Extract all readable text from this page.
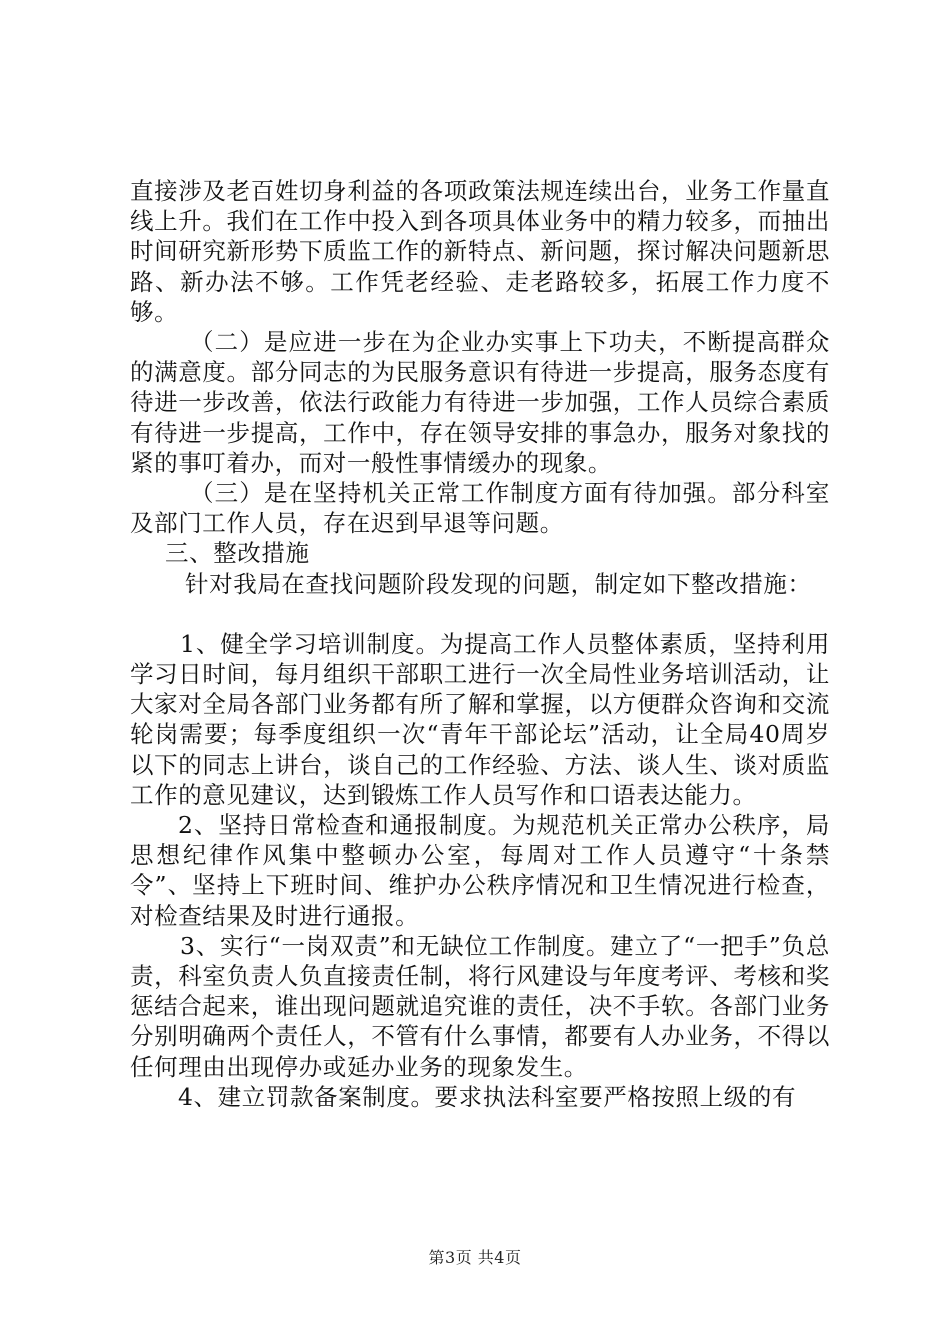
直接涉及老百姓切身利益的各项政策法规连续出台，业务工作量直线上升。我们在工作中投入到各项具体业务中的精力较多，而抽出时间研究新形势下质监工作的新特点、新问题，探讨解决问题新思路、新办法不够。工作凭老经验、走老路较多，拓展工作力度不够。

（二）是应进一步在为企业办实事上下功夫，不断提高群众的满意度。部分同志的为民服务意识有待进一步提高，服务态度有待进一步改善，依法行政能力有待进一步加强，工作人员综合素质有待进一步提高，工作中，存在领导安排的事急办，服务对象找的紧的事叮着办，而对一般性事情缓办的现象。

（三）是在坚持机关正常工作制度方面有待加强。部分科室及部门工作人员，存在迟到早退等问题。

三、整改措施

针对我局在查找问题阶段发现的问题，制定如下整改措施：

1、健全学习培训制度。为提高工作人员整体素质，坚持利用学习日时间，每月组织干部职工进行一次全局性业务培训活动，让大家对全局各部门业务都有所了解和掌握，以方便群众咨询和交流轮岗需要；每季度组织一次“青年干部论坛”活动，让全局40周岁以下的同志上讲台，谈自己的工作经验、方法、谈人生、谈对质监工作的意见建议，达到锻炼工作人员写作和口语表达能力。

2、坚持日常检查和通报制度。为规范机关正常办公秩序，局思想纪律作风集中整顿办公室，每周对工作人员遵守“十条禁令”、坚持上下班时间、维护办公秩序情况和卫生情况进行检查，对检查结果及时进行通报。

3、实行“一岗双责”和无缺位工作制度。建立了“一把手”负总责，科室负责人负直接责任制，将行风建设与年度考评、考核和奖惩结合起来，谁出现问题就追究谁的责任，决不手软。各部门业务分别明确两个责任人，不管有什么事情，都要有人办业务，不得以任何理由出现停办或延办业务的现象发生。

4、建立罚款备案制度。要求执法科室要严格按照上级的有

第3页 共4页
